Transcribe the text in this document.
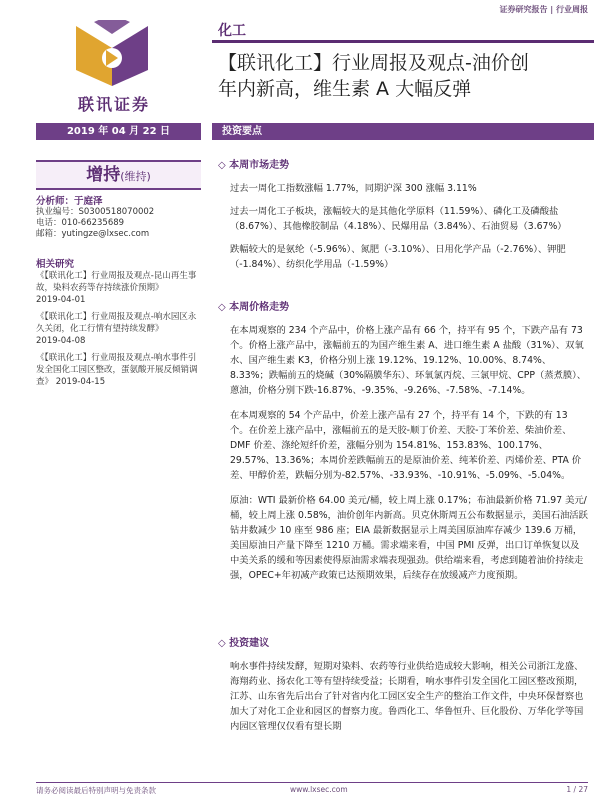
证券研究报告 | 行业周报
联讯证券
化工
【联讯化工】行业周报及观点-油价创
年内新高，维生素 A 大幅反弹
2019 年 04 月 22 日	投资要点
增持(维持)
分析师：于庭泽
执业编号：S0300518070002
电话：010-66235689
邮箱：yutingze@lxsec.com
相关研究
《【联讯化工】行业周报及观点-昆山再生事故，染料农药等存持续涨价预期》
2019-04-01
《【联讯化工】行业周报及观点-响水园区永久关闭，化工行情有望持续发酵》
2019-04-08
《【联讯化工】行业周报及观点-响水事件引发全国化工园区整改，蛋氨酸开展反倾销调查》 2019-04-15
◇ 本周市场走势
过去一周化工指数涨幅 1.77%，同期沪深 300 涨幅 3.11%
过去一周化工子板块，涨幅较大的是其他化学原料（11.59%）、磷化工及磷酸盐（8.67%）、其他橡胶制品（4.18%）、民爆用品（3.84%）、石油贸易（3.67%）
跌幅较大的是氨纶（-5.96%）、氮肥（-3.10%）、日用化学产品（-2.76%）、钾肥（-1.84%）、纺织化学用品（-1.59%）
◇ 本周价格走势
在本周观察的 234 个产品中，价格上涨产品有 66 个，持平有 95 个，下跌产品有 73 个。价格上涨产品中，涨幅前五的为国产维生素 A、进口维生素 A 盐酸（31%）、双氧水、国产维生素 K3，价格分别上涨 19.12%、19.12%、10.00%、8.74%、8.33%；跌幅前五的烧碱（30%隔膜华东）、环氧氯丙烷、三氯甲烷、CPP（蒸煮膜）、蒽油，价格分别下跌-16.87%、-9.35%、-9.26%、-7.58%、-7.14%。
在本周观察的 54 个产品中，价差上涨产品有 27 个，持平有 14 个，下跌的有 13 个。在价差上涨产品中，涨幅前五的是天胶-顺丁价差、天胶-丁苯价差、柴油价差、DMF 价差、涤纶短纤价差，涨幅分别为 154.81%、153.83%、100.17%、29.57%、13.36%；本周价差跌幅前五的是原油价差、纯苯价差、丙烯价差、PTA 价差、甲醇价差，跌幅分别为-82.57%、-33.93%、-10.91%、-5.09%、-5.04%。
原油：WTI 最新价格 64.00 美元/桶，较上周上涨 0.17%；布油最新价格 71.97 美元/桶，较上周上涨 0.58%，油价创年内新高。贝克休斯周五公布数据显示，美国石油活跃钻井数减少 10 座至 986 座；EIA 最新数据显示上周美国原油库存减少 139.6 万桶，美国原油日产量下降至 1210 万桶。需求端来看，中国 PMI 反弹，出口订单恢复以及中美关系的缓和等因素使得原油需求端表现强劲。供给端来看，考虑到随着油价持续走强，OPEC+年初减产政策已达预期效果，后续存在放缓减产力度预期。
◇ 投资建议
响水事件持续发酵，短期对染料、农药等行业供给造成较大影响，相关公司浙江龙盛、海翔药业、扬农化工等有望持续受益；长期看，响水事件引发全国化工园区整改预期，江苏、山东省先后出台了针对省内化工园区安全生产的整治工作文件，中央环保督察也加大了对化工企业和园区的督察力度。鲁西化工、华鲁恒升、巨化股份、万华化学等国内园区管理仅仅看有望长期
请务必阅读最后特别声明与免责条款	www.lxsec.com	1 / 27
